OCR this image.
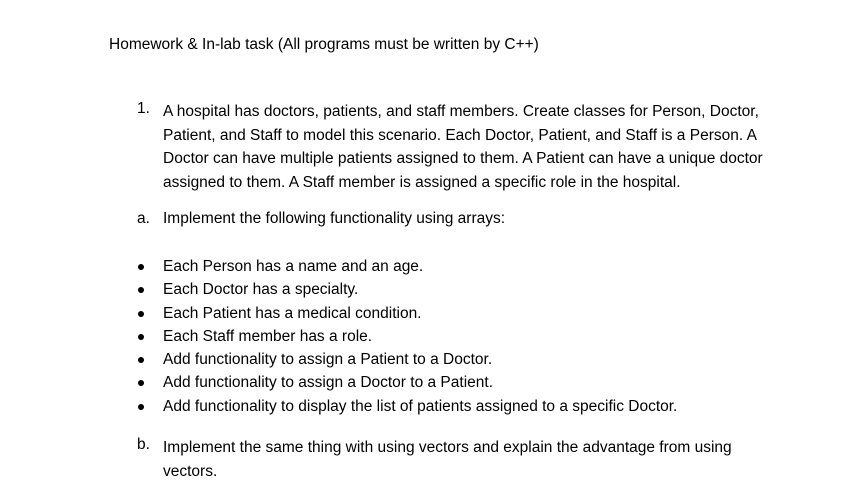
Homework & In-lab task (All programs must be written by C++)
1. A hospital has doctors, patients, and staff members. Create classes for Person, Doctor,
Patient, and Staff to model this scenario. Each Doctor, Patient, and Staff is a Person. A
Doctor can have multiple patients assigned to them. A Patient can have a unique doctor
assigned to them. A Staff member is assigned a specific role in the hospital.
a. Implement the following functionality using arrays:
Each Person has a name and an age.
Each Doctor has a specialty.
Each Patient has a medical condition.
Each Staff member has a role.
Add functionality to assign a Patient to a Doctor.
Add functionality to assign a Doctor to a Patient.
Add functionality to display the list of patients assigned to a specific Doctor.
b. Implement the same thing with using vectors and explain the advantage from using
vectors.
